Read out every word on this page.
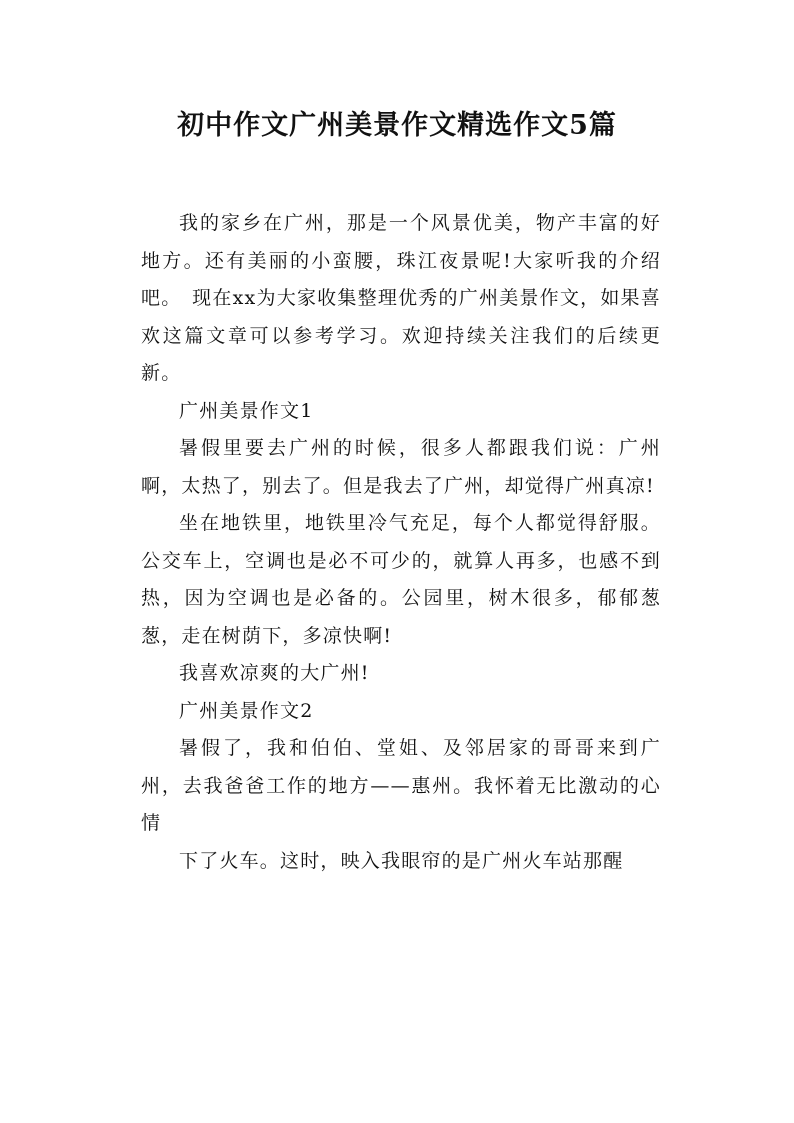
初中作文广州美景作文精选作文5篇

我的家乡在广州，那是一个风景优美，物产丰富的好地方。还有美丽的小蛮腰，珠江夜景呢!大家听我的介绍吧。　现在xx为大家收集整理优秀的广州美景作文，如果喜欢这篇文章可以参考学习。欢迎持续关注我们的后续更新。

广州美景作文1

暑假里要去广州的时候，很多人都跟我们说：广州啊，太热了，别去了。但是我去了广州，却觉得广州真凉!

坐在地铁里，地铁里冷气充足，每个人都觉得舒服。公交车上，空调也是必不可少的，就算人再多，也感不到热，因为空调也是必备的。公园里，树木很多，郁郁葱葱，走在树荫下，多凉快啊!

我喜欢凉爽的大广州!

广州美景作文2

暑假了，我和伯伯、堂姐、及邻居家的哥哥来到广州，去我爸爸工作的地方——惠州。我怀着无比激动的心情

下了火车。这时，映入我眼帘的是广州火车站那醒
